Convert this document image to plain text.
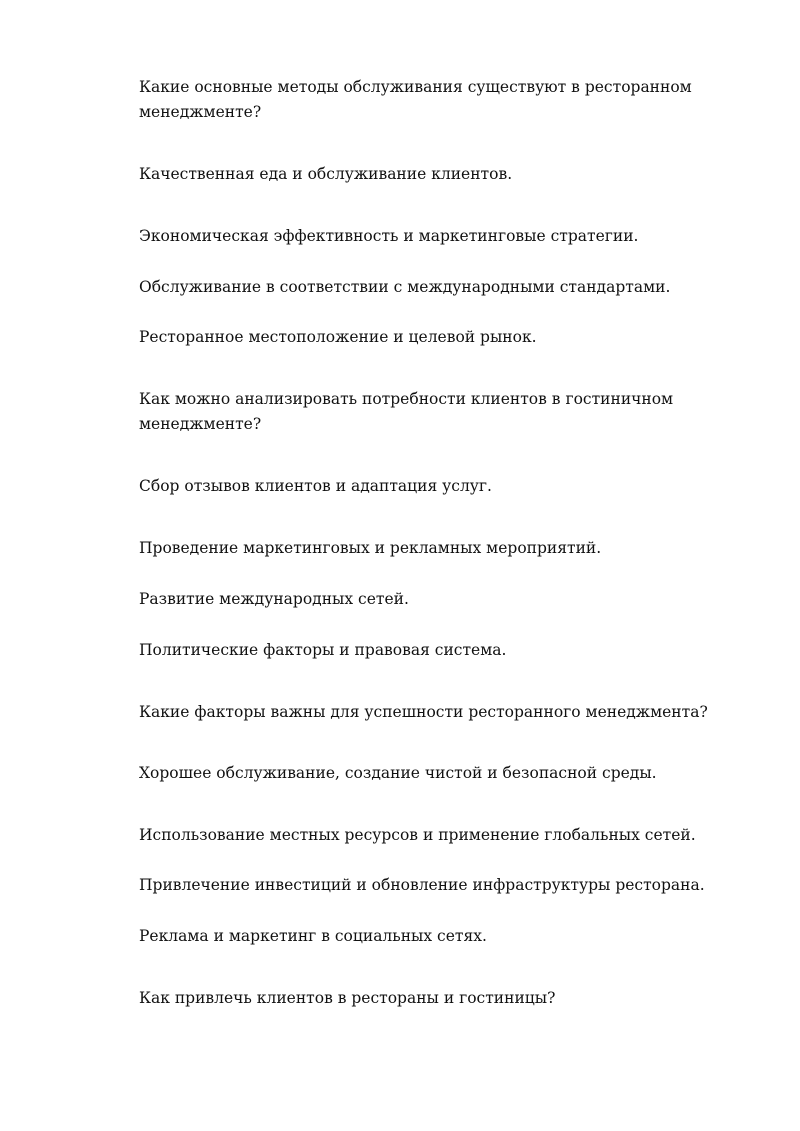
Какие основные методы обслуживания существуют в ресторанном менеджменте?
Качественная еда и обслуживание клиентов.
Экономическая эффективность и маркетинговые стратегии.
Обслуживание в соответствии с международными стандартами.
Ресторанное местоположение и целевой рынок.
Как можно анализировать потребности клиентов в гостиничном менеджменте?
Сбор отзывов клиентов и адаптация услуг.
Проведение маркетинговых и рекламных мероприятий.
Развитие международных сетей.
Политические факторы и правовая система.
Какие факторы важны для успешности ресторанного менеджмента?
Хорошее обслуживание, создание чистой и безопасной среды.
Использование местных ресурсов и применение глобальных сетей.
Привлечение инвестиций и обновление инфраструктуры ресторана.
Реклама и маркетинг в социальных сетях.
Как привлечь клиентов в рестораны и гостиницы?
